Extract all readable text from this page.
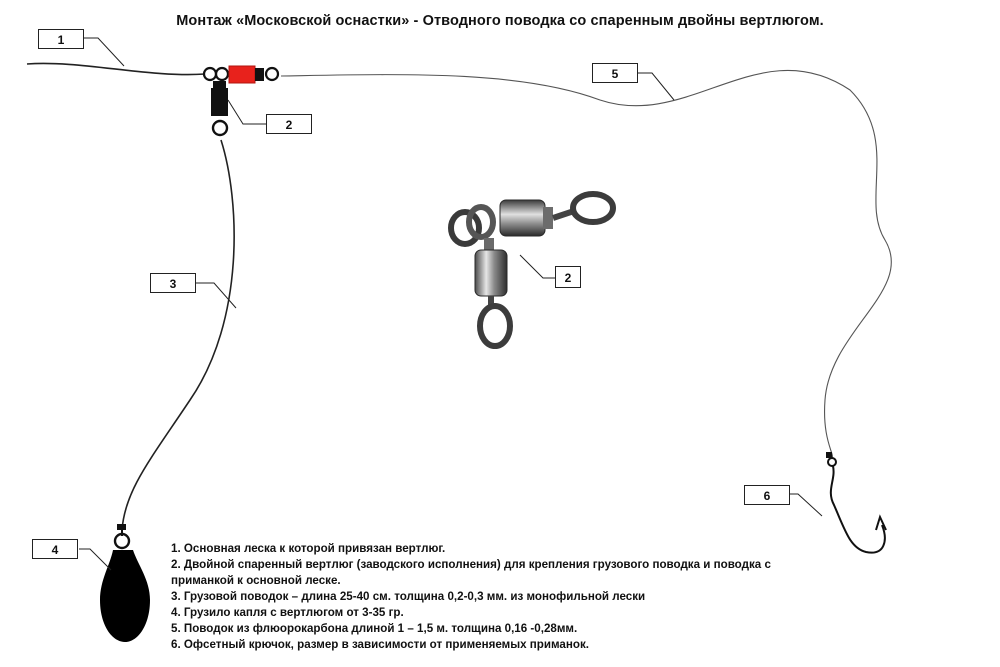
Монтаж «Московской оснастки» - Отводного поводка со спаренным двойны вертлюгом.
1
2
3
4
5
6
2
1. Основная леска к которой привязан вертлюг.
2. Двойной спаренный вертлюг (заводского исполнения) для крепления грузового поводка и поводка с
приманкой к основной леске.
3. Грузовой поводок – длина 25-40 см. толщина 0,2-0,3 мм. из монофильной лески
4. Грузило капля с вертлюгом от 3-35 гр.
5. Поводок из флюорокарбона длиной 1 – 1,5 м. толщина 0,16 -0,28мм.
6. Офсетный крючок, размер в зависимости от применяемых приманок.
